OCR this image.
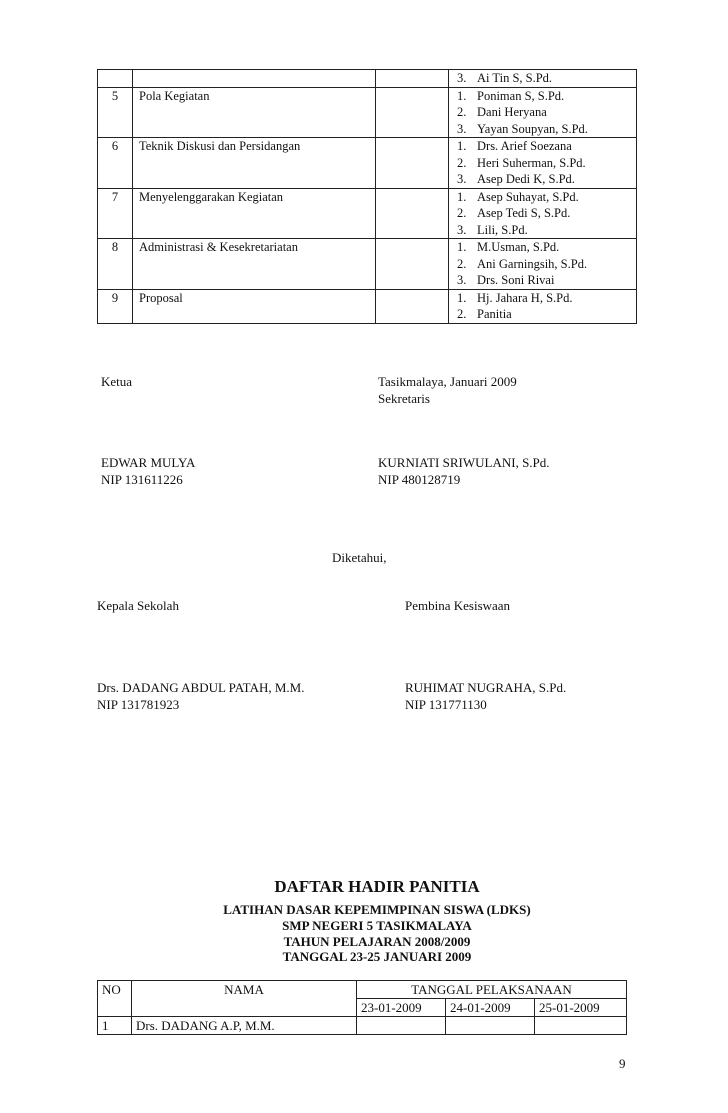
			3. Ai Tin S, S.Pd.

5	Pola Kegiatan		1. Poniman S, S.Pd.
2. Dani Heryana
3. Yayan Soupyan, S.Pd.

6	Teknik Diskusi dan Persidangan		1. Drs. Arief Soezana
2. Heri Suherman, S.Pd.
3. Asep Dedi K, S.Pd.

7	Menyelenggarakan Kegiatan		1. Asep Suhayat, S.Pd.
2. Asep Tedi S, S.Pd.
3. Lili, S.Pd.

8	Administrasi & Kesekretariatan		1. M.Usman, S.Pd.
2. Ani Garningsih, S.Pd.
3. Drs. Soni Rivai

9	Proposal		1. Hj. Jahara H, S.Pd.
2. Panitia
Ketua	Tasikmalaya, Januari 2009
Sekretaris
EDWAR MULYA
NIP 131611226
KURNIATI SRIWULANI, S.Pd.
NIP 480128719
Diketahui,
Kepala Sekolah	Pembina Kesiswaan
Drs. DADANG ABDUL PATAH, M.M.
NIP 131781923
RUHIMAT NUGRAHA, S.Pd.
NIP 131771130
DAFTAR HADIR PANITIA
LATIHAN DASAR KEPEMIMPINAN SISWA (LDKS)
SMP NEGERI 5 TASIKMALAYA
TAHUN PELAJARAN 2008/2009
TANGGAL 23-25 JANUARI 2009
NO	NAMA	TANGGAL PELAKSANAAN		
		23-01-2009	24-01-2009	25-01-2009
1	Drs. DADANG A.P, M.M.			
9
